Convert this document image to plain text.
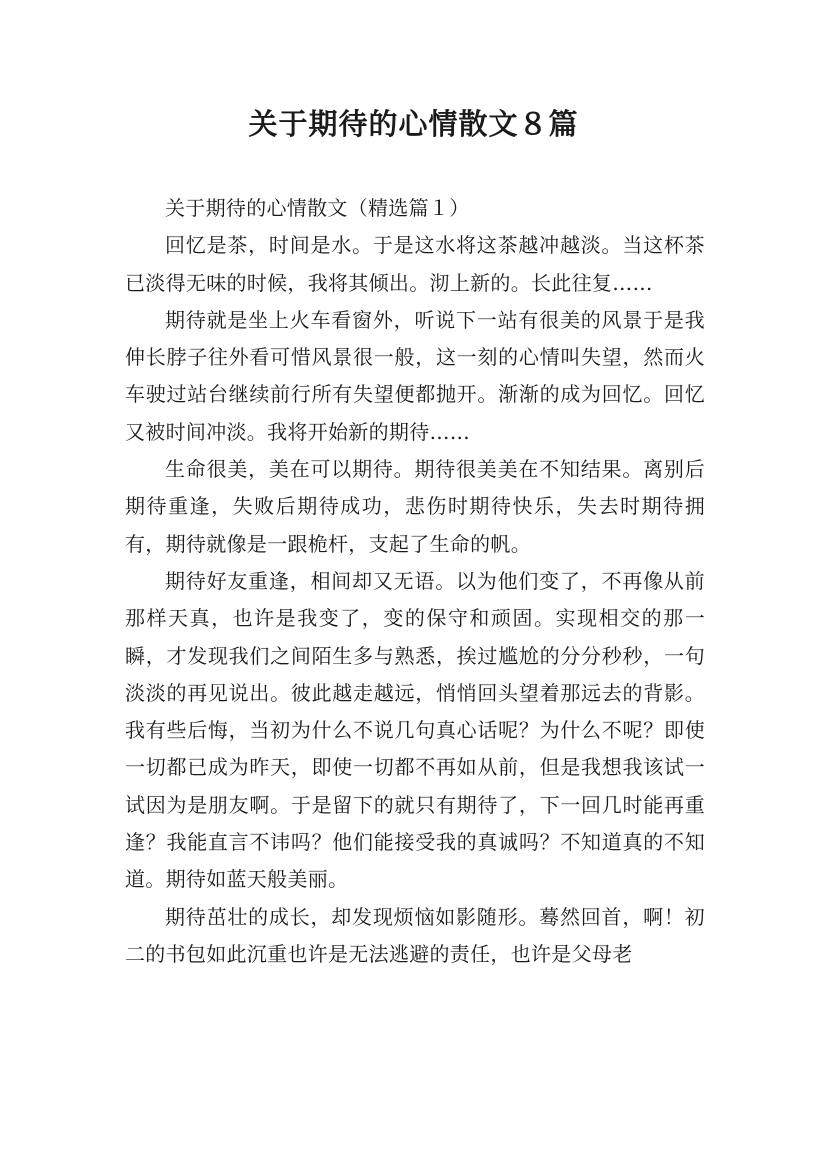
关于期待的心情散文８篇

关于期待的心情散文（精选篇１）

回忆是茶，时间是水。于是这水将这茶越冲越淡。当这杯茶已淡得无味的时候，我将其倾出。沏上新的。长此往复……

期待就是坐上火车看窗外，听说下一站有很美的风景于是我伸长脖子往外看可惜风景很一般，这一刻的心情叫失望，然而火车驶过站台继续前行所有失望便都抛开。渐渐的成为回忆。回忆又被时间冲淡。我将开始新的期待……

生命很美，美在可以期待。期待很美美在不知结果。离别后期待重逢，失败后期待成功，悲伤时期待快乐，失去时期待拥有，期待就像是一跟桅杆，支起了生命的帆。

期待好友重逢，相间却又无语。以为他们变了，不再像从前那样天真，也许是我变了，变的保守和顽固。实现相交的那一瞬，才发现我们之间陌生多与熟悉，挨过尴尬的分分秒秒，一句淡淡的再见说出。彼此越走越远，悄悄回头望着那远去的背影。我有些后悔，当初为什么不说几句真心话呢？为什么不呢？即使一切都已成为昨天，即使一切都不再如从前，但是我想我该试一试因为是朋友啊。于是留下的就只有期待了，下一回几时能再重逢？我能直言不讳吗？他们能接受我的真诚吗？不知道真的不知道。期待如蓝天般美丽。

期待茁壮的成长，却发现烦恼如影随形。蓦然回首，啊！初二的书包如此沉重也许是无法逃避的责任，也许是父母老
